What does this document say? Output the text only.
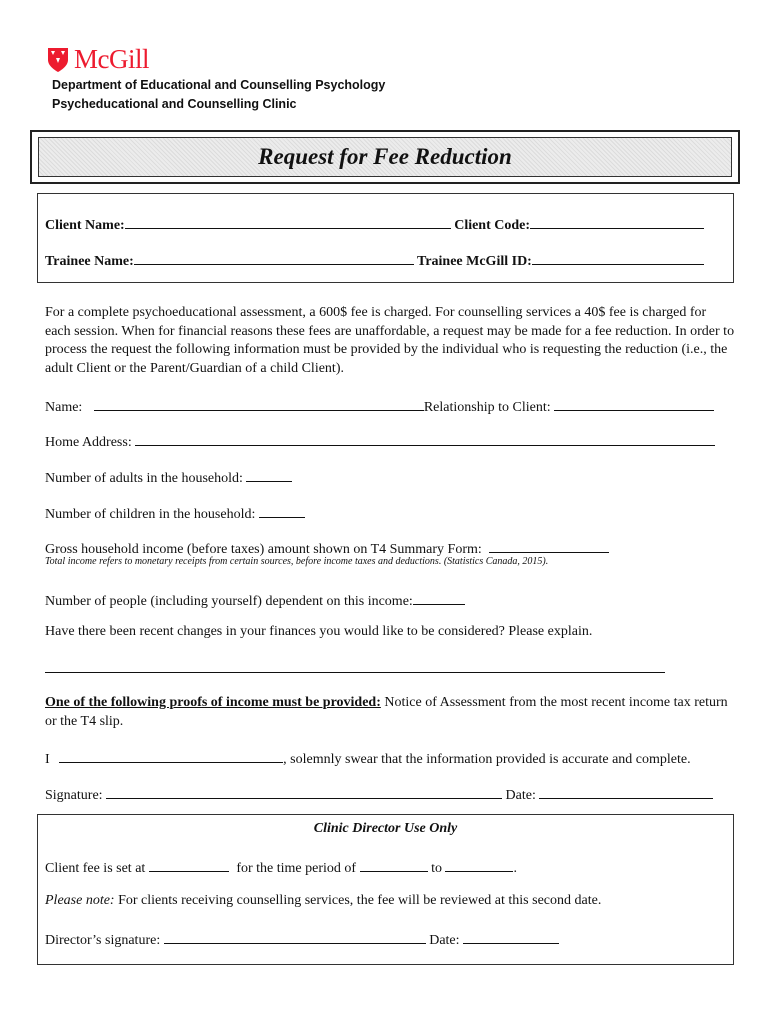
McGill
Department of Educational and Counselling Psychology
Psycheducational and Counselling Clinic
Request for Fee Reduction
Client Name:	Client Code:
Trainee Name:	Trainee McGill ID:
For a complete psychoeducational assessment, a 600$ fee is charged. For counselling services a 40$ fee is charged for each session. When for financial reasons these fees are unaffordable, a request may be made for a fee reduction. In order to process the request the following information must be provided by the individual who is requesting the reduction (i.e., the adult Client or the Parent/Guardian of a child Client).
Name:	Relationship to Client:
Home Address:
Number of adults in the household:
Number of children in the household:
Gross household income (before taxes) amount shown on T4 Summary Form:
Total income refers to monetary receipts from certain sources, before income taxes and deductions. (Statistics Canada, 2015).
Number of people (including yourself) dependent on this income:
Have there been recent changes in your finances you would like to be considered? Please explain.
One of the following proofs of income must be provided: Notice of Assessment from the most recent income tax return or the T4 slip.
I	, solemnly swear that the information provided is accurate and complete.
Signature:	Date:
Clinic Director Use Only
Client fee is set at	for the time period of	to	.
Please note: For clients receiving counselling services, the fee will be reviewed at this second date.
Director’s signature:	Date:
